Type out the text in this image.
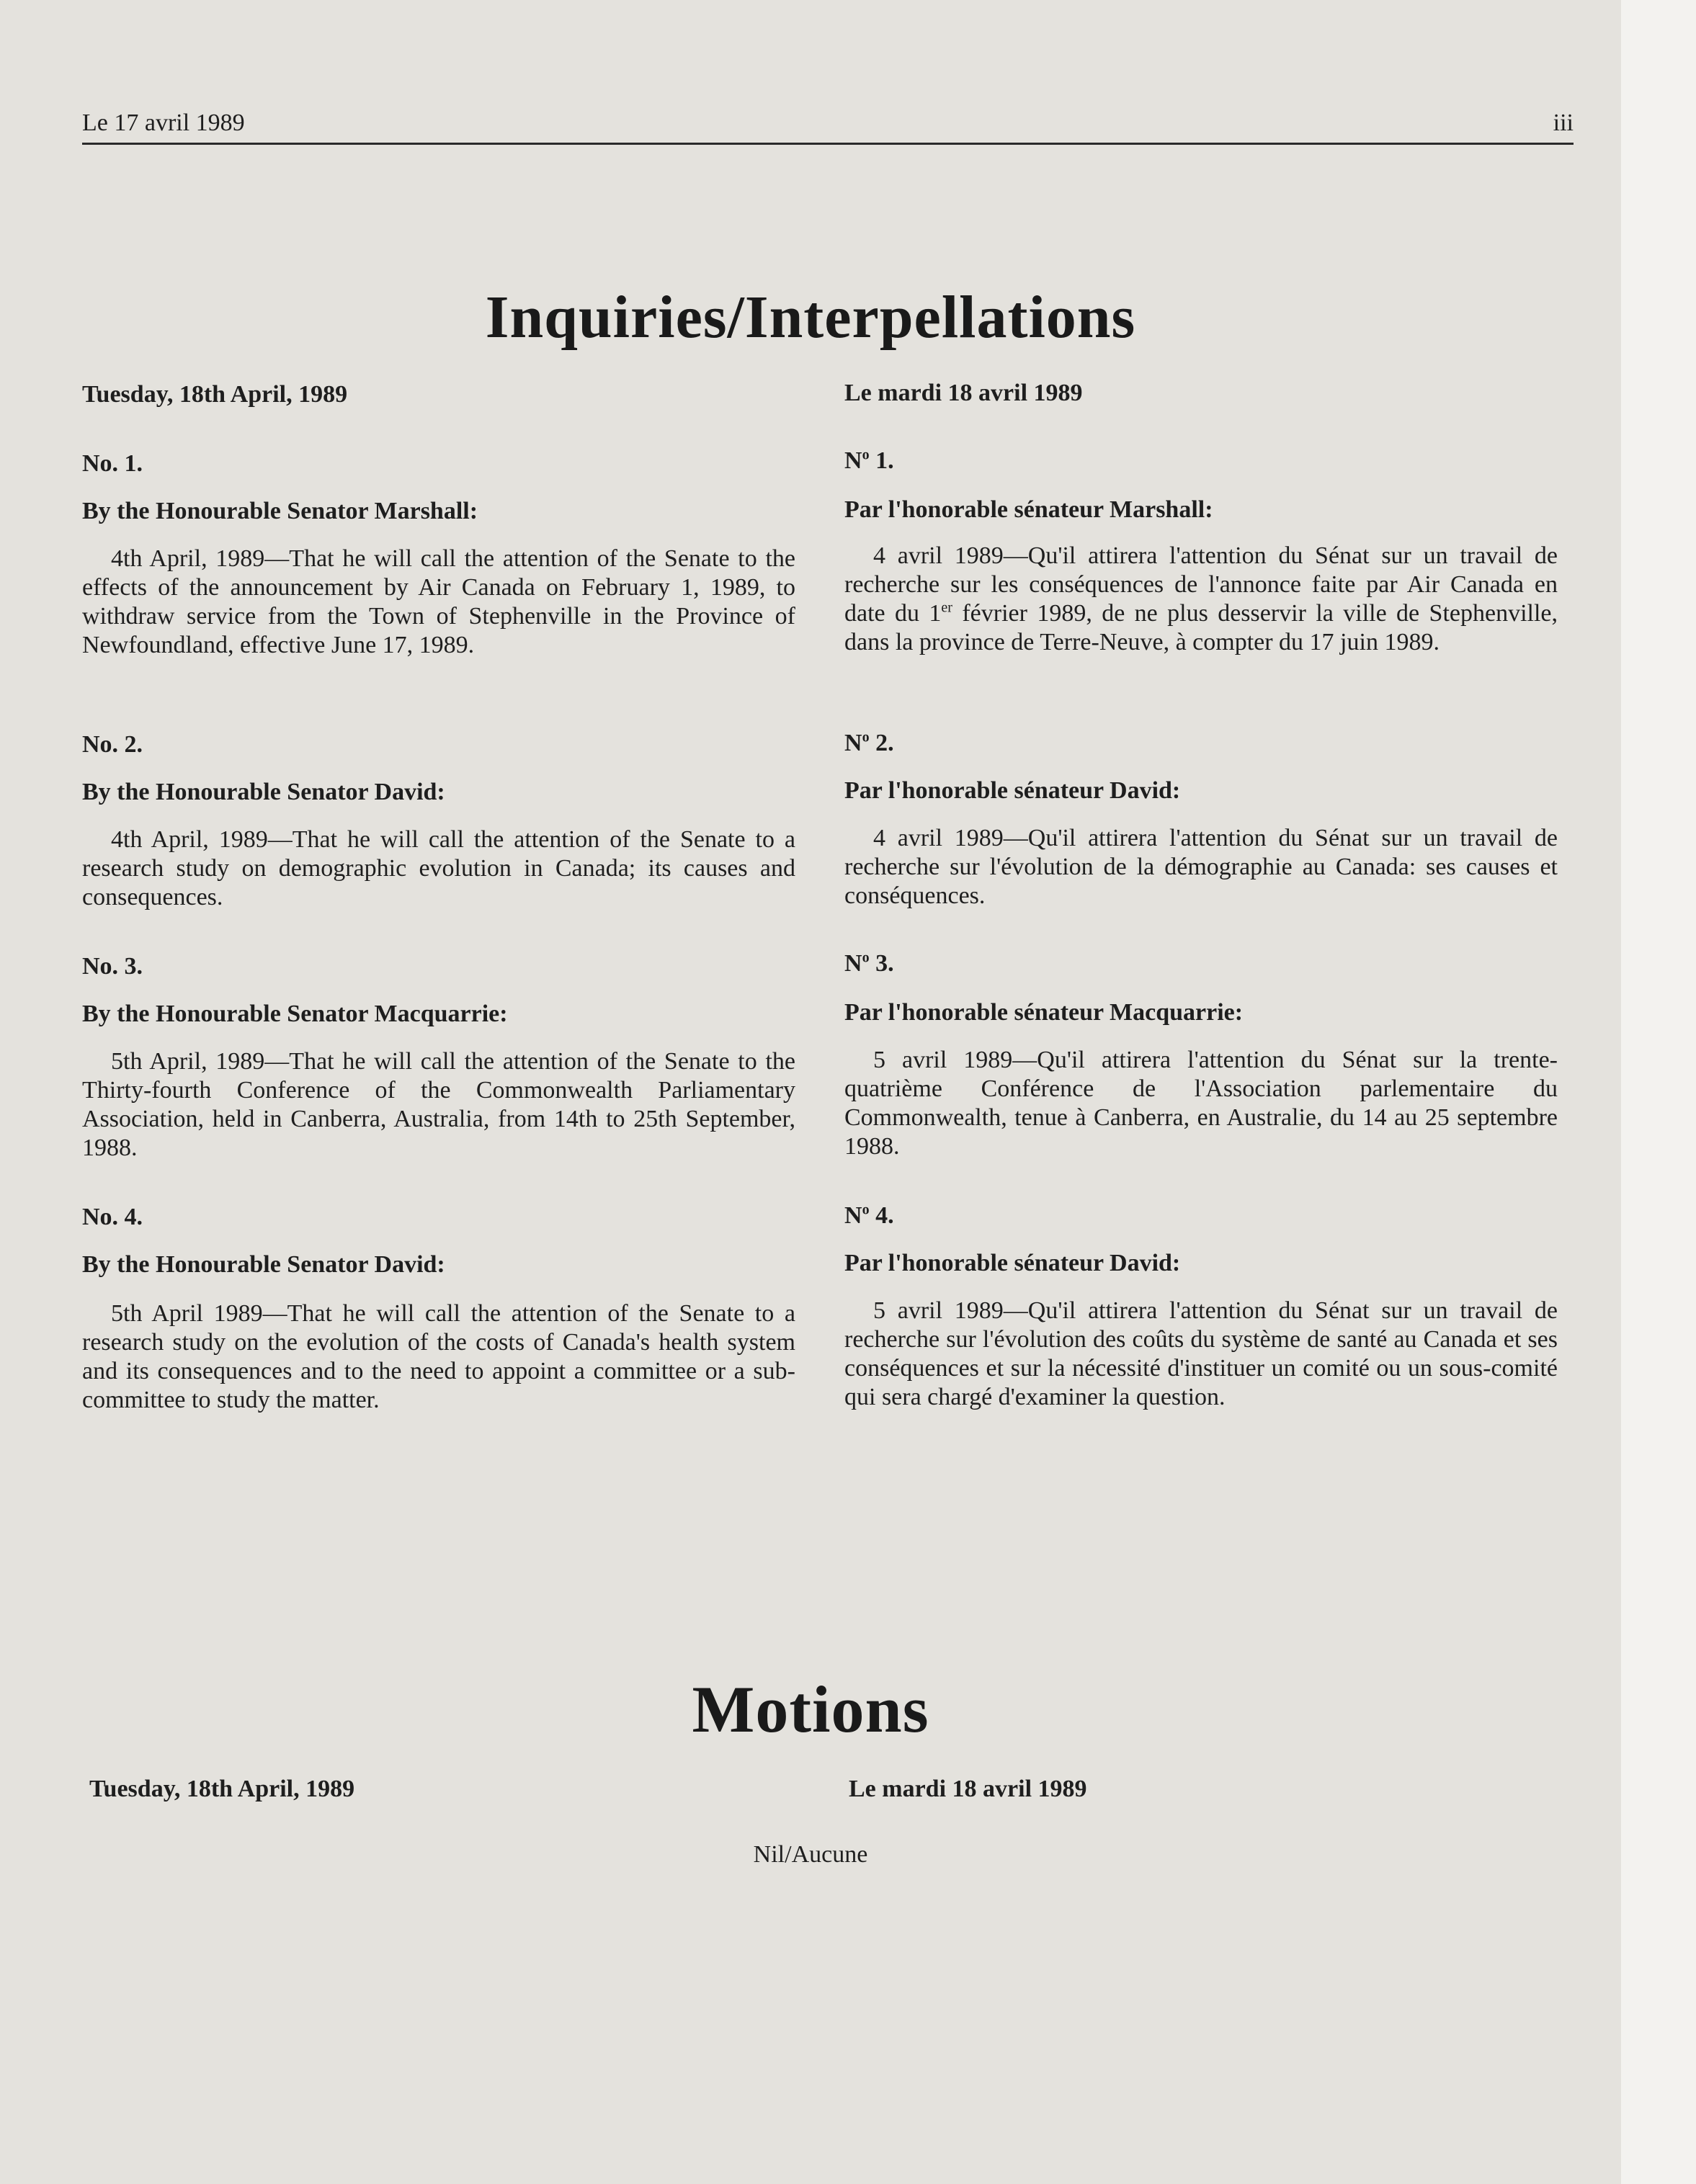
Le 17 avril 1989	iii
Inquiries/Interpellations
Tuesday, 18th April, 1989
No. 1.
By the Honourable Senator Marshall:

4th April, 1989—That he will call the attention of the Senate to the effects of the announcement by Air Canada on February 1, 1989, to withdraw service from the Town of Stephenville in the Province of Newfoundland, effective June 17, 1989.

No. 2.
By the Honourable Senator David:

4th April, 1989—That he will call the attention of the Senate to a research study on demographic evolution in Canada; its causes and consequences.

No. 3.
By the Honourable Senator Macquarrie:

5th April, 1989—That he will call the attention of the Senate to the Thirty-fourth Conference of the Commonwealth Parliamentary Association, held in Canberra, Australia, from 14th to 25th September, 1988.

No. 4.
By the Honourable Senator David:

5th April 1989—That he will call the attention of the Senate to a research study on the evolution of the costs of Canada's health system and its consequences and to the need to appoint a committee or a sub-committee to study the matter.

Le mardi 18 avril 1989
$N^o$ 1.
Par l'honorable sénateur Marshall:

4 avril 1989—Qu'il attirera l'attention du Sénat sur un travail de recherche sur les conséquences de l'annonce faite par Air Canada en date du 1er février 1989, de ne plus desservir la ville de Stephenville, dans la province de Terre-Neuve, à compter du 17 juin 1989.

$N^o$ 2.
Par l'honorable sénateur David:

4 avril 1989—Qu'il attirera l'attention du Sénat sur un travail de recherche sur l'évolution de la démographie au Canada: ses causes et conséquences.

$N^o$ 3.
Par l'honorable sénateur Macquarrie:

5 avril 1989—Qu'il attirera l'attention du Sénat sur la trente-quatrième Conférence de l'Association parlementaire du Commonwealth, tenue à Canberra, en Australie, du 14 au 25 septembre 1988.

$N^o$ 4.
Par l'honorable sénateur David:

5 avril 1989—Qu'il attirera l'attention du Sénat sur un travail de recherche sur l'évolution des coûts du système de santé au Canada et ses conséquences et sur la nécessité d'instituer un comité ou un sous-comité qui sera chargé d'examiner la question.

Motions
Tuesday, 18th April, 1989	Le mardi 18 avril 1989
Nil/Aucune
